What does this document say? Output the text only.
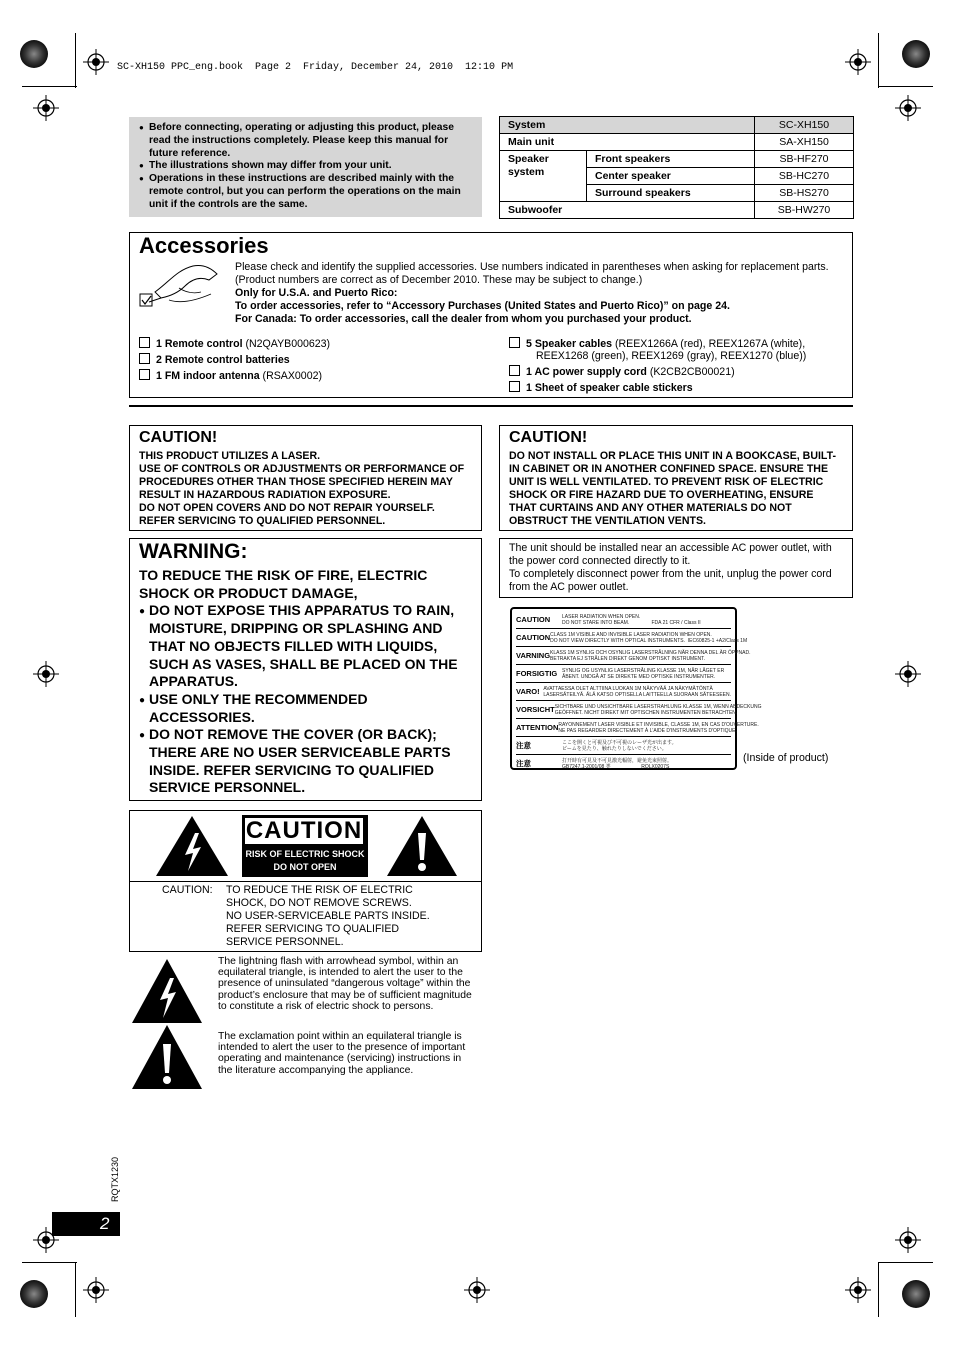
SC-XH150 PPC_eng.book  Page 2  Friday, December 24, 2010  12:10 PM
● Before connecting, operating or adjusting this product, please read the instructions completely. Please keep this manual for future reference.
● The illustrations shown may differ from your unit.
● Operations in these instructions are described mainly with the remote control, but you can perform the operations on the main unit if the controls are the same.
System		SC-XH150
Main unit		SA-XH150
Speaker system	Front speakers	SB-HF270
	Center speaker	SB-HC270
	Surround speakers	SB-HS270
Subwoofer		SB-HW270
Accessories
Please check and identify the supplied accessories. Use numbers indicated in parentheses when asking for replacement parts. (Product numbers are correct as of December 2010. These may be subject to change.)
Only for U.S.A. and Puerto Rico:
To order accessories, refer to “Accessory Purchases (United States and Puerto Rico)” on page 24.
For Canada: To order accessories, call the dealer from whom you purchased your product.
1 Remote control (N2QAYB000623)
2 Remote control batteries
1 FM indoor antenna (RSAX0002)
5 Speaker cables (REEX1266A (red), REEX1267A (white),
REEX1268 (green), REEX1269 (gray), REEX1270 (blue))
1 AC power supply cord (K2CB2CB00021)
1 Sheet of speaker cable stickers
CAUTION!
THIS PRODUCT UTILIZES A LASER.
USE OF CONTROLS OR ADJUSTMENTS OR PERFORMANCE OF PROCEDURES OTHER THAN THOSE SPECIFIED HEREIN MAY RESULT IN HAZARDOUS RADIATION EXPOSURE.
DO NOT OPEN COVERS AND DO NOT REPAIR YOURSELF.
REFER SERVICING TO QUALIFIED PERSONNEL.
CAUTION!
DO NOT INSTALL OR PLACE THIS UNIT IN A BOOKCASE, BUILT-IN CABINET OR IN ANOTHER CONFINED SPACE. ENSURE THE UNIT IS WELL VENTILATED. TO PREVENT RISK OF ELECTRIC SHOCK OR FIRE HAZARD DUE TO OVERHEATING, ENSURE THAT CURTAINS AND ANY OTHER MATERIALS DO NOT OBSTRUCT THE VENTILATION VENTS.
WARNING:
TO REDUCE THE RISK OF FIRE, ELECTRIC SHOCK OR PRODUCT DAMAGE,
● DO NOT EXPOSE THIS APPARATUS TO RAIN, MOISTURE, DRIPPING OR SPLASHING AND THAT NO OBJECTS FILLED WITH LIQUIDS, SUCH AS VASES, SHALL BE PLACED ON THE APPARATUS.
● USE ONLY THE RECOMMENDED ACCESSORIES.
● DO NOT REMOVE THE COVER (OR BACK); THERE ARE NO USER SERVICEABLE PARTS INSIDE. REFER SERVICING TO QUALIFIED SERVICE PERSONNEL.
The unit should be installed near an accessible AC power outlet, with the power cord connected directly to it.
To completely disconnect power from the unit, unplug the power cord from the AC power outlet.
CAUTION	LASER RADIATION WHEN OPEN.
DO NOT STARE INTO BEAM.                FDA 21 CFR / Class II
CAUTION CLASS 1M VISIBLE AND INVISIBLE LASER RADIATION WHEN OPEN.
DO NOT VIEW DIRECTLY WITH OPTICAL INSTRUMENTS.  IEC60825-1 +A2/Class 1M
VARNING KLASS 1M SYNLIG OCH OSYNLIG LASERSTRÅLNING NÄR DENNA DEL ÄR ÖPPNAD.
BETRAKTA EJ STRÅLEN DIREKT GENOM OPTISKT INSTRUMENT.
FORSIGTIG SYNLIG OG USYNLIG LASERSTRÅLING KLASSE 1M, NÅR LÅGET ER
ÅBENT. UNDGÅ AT SE DIREKTE MED OPTISKE INSTRUMENTER.
VARO! AVATTAESSA OLET ALTTIINA LUOKAN 1M NÄKYVÄÄ JA NÄKYMÄTÖNTÄ
LASERSÄTEILYÄ. ÄLÄ KATSO OPTISELLA LAITTEELLA SUORAAN SÄTEESEEN.
VORSICHT SICHTBARE UND UNSICHTBARE LASERSTRAHLUNG KLASSE 1M, WENN ABDECKUNG
GEÖFFNET. NICHT DIREKT MIT OPTISCHEN INSTRUMENTEN BETRACHTEN.
ATTENTION RAYONNEMENT LASER VISIBLE ET INVISIBLE, CLASSE 1M, EN CAS D'OUVERTURE.
NE PAS REGARDER DIRECTEMENT À L'AIDE D'INSTRUMENTS D'OPTIQUE.
注意	ここを開くと可視及び不可視のレーザ光が出ます。
ビームを見たり、触れたりしないでください。
注意	打开時有可見及不可見激光輻射，避免光束照射。
GB7247.1-2001/08 类                      RQLX0207S
(Inside of product)
CAUTION
RISK OF ELECTRIC SHOCK
DO NOT OPEN
CAUTION: TO REDUCE THE RISK OF ELECTRIC
SHOCK, DO NOT REMOVE SCREWS.
NO USER-SERVICEABLE PARTS INSIDE.
REFER SERVICING TO QUALIFIED
SERVICE PERSONNEL.
The lightning flash with arrowhead symbol, within an equilateral triangle, is intended to alert the user to the presence of uninsulated “dangerous voltage” within the product’s enclosure that may be of sufficient magnitude to constitute a risk of electric shock to persons.
The exclamation point within an equilateral triangle is intended to alert the user to the presence of important operating and maintenance (servicing) instructions in the literature accompanying the appliance.
RQTX1230
2
